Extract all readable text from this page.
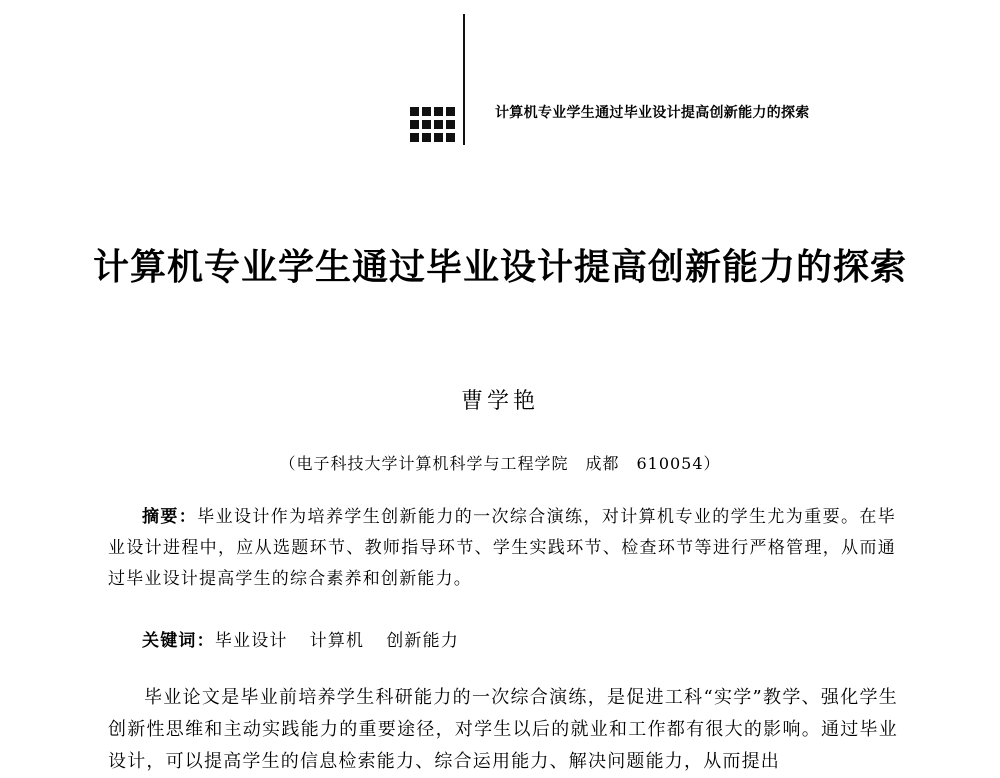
计算机专业学生通过毕业设计提高创新能力的探索
计算机专业学生通过毕业设计提高创新能力的探索
曹学艳
（电子科技大学计算机科学与工程学院　成都　610054）
摘要：毕业设计作为培养学生创新能力的一次综合演练，对计算机专业的学生尤为重要。在毕业设计进程中，应从选题环节、教师指导环节、学生实践环节、检查环节等进行严格管理，从而通过毕业设计提高学生的综合素养和创新能力。
关键词：毕业设计 计算机 创新能力
毕业论文是毕业前培养学生科研能力的一次综合演练，是促进工科“实学”教学、强化学生创新性思维和主动实践能力的重要途径，对学生以后的就业和工作都有很大的影响。通过毕业设计，可以提高学生的信息检索能力、综合运用能力、解决问题能力，从而提出
